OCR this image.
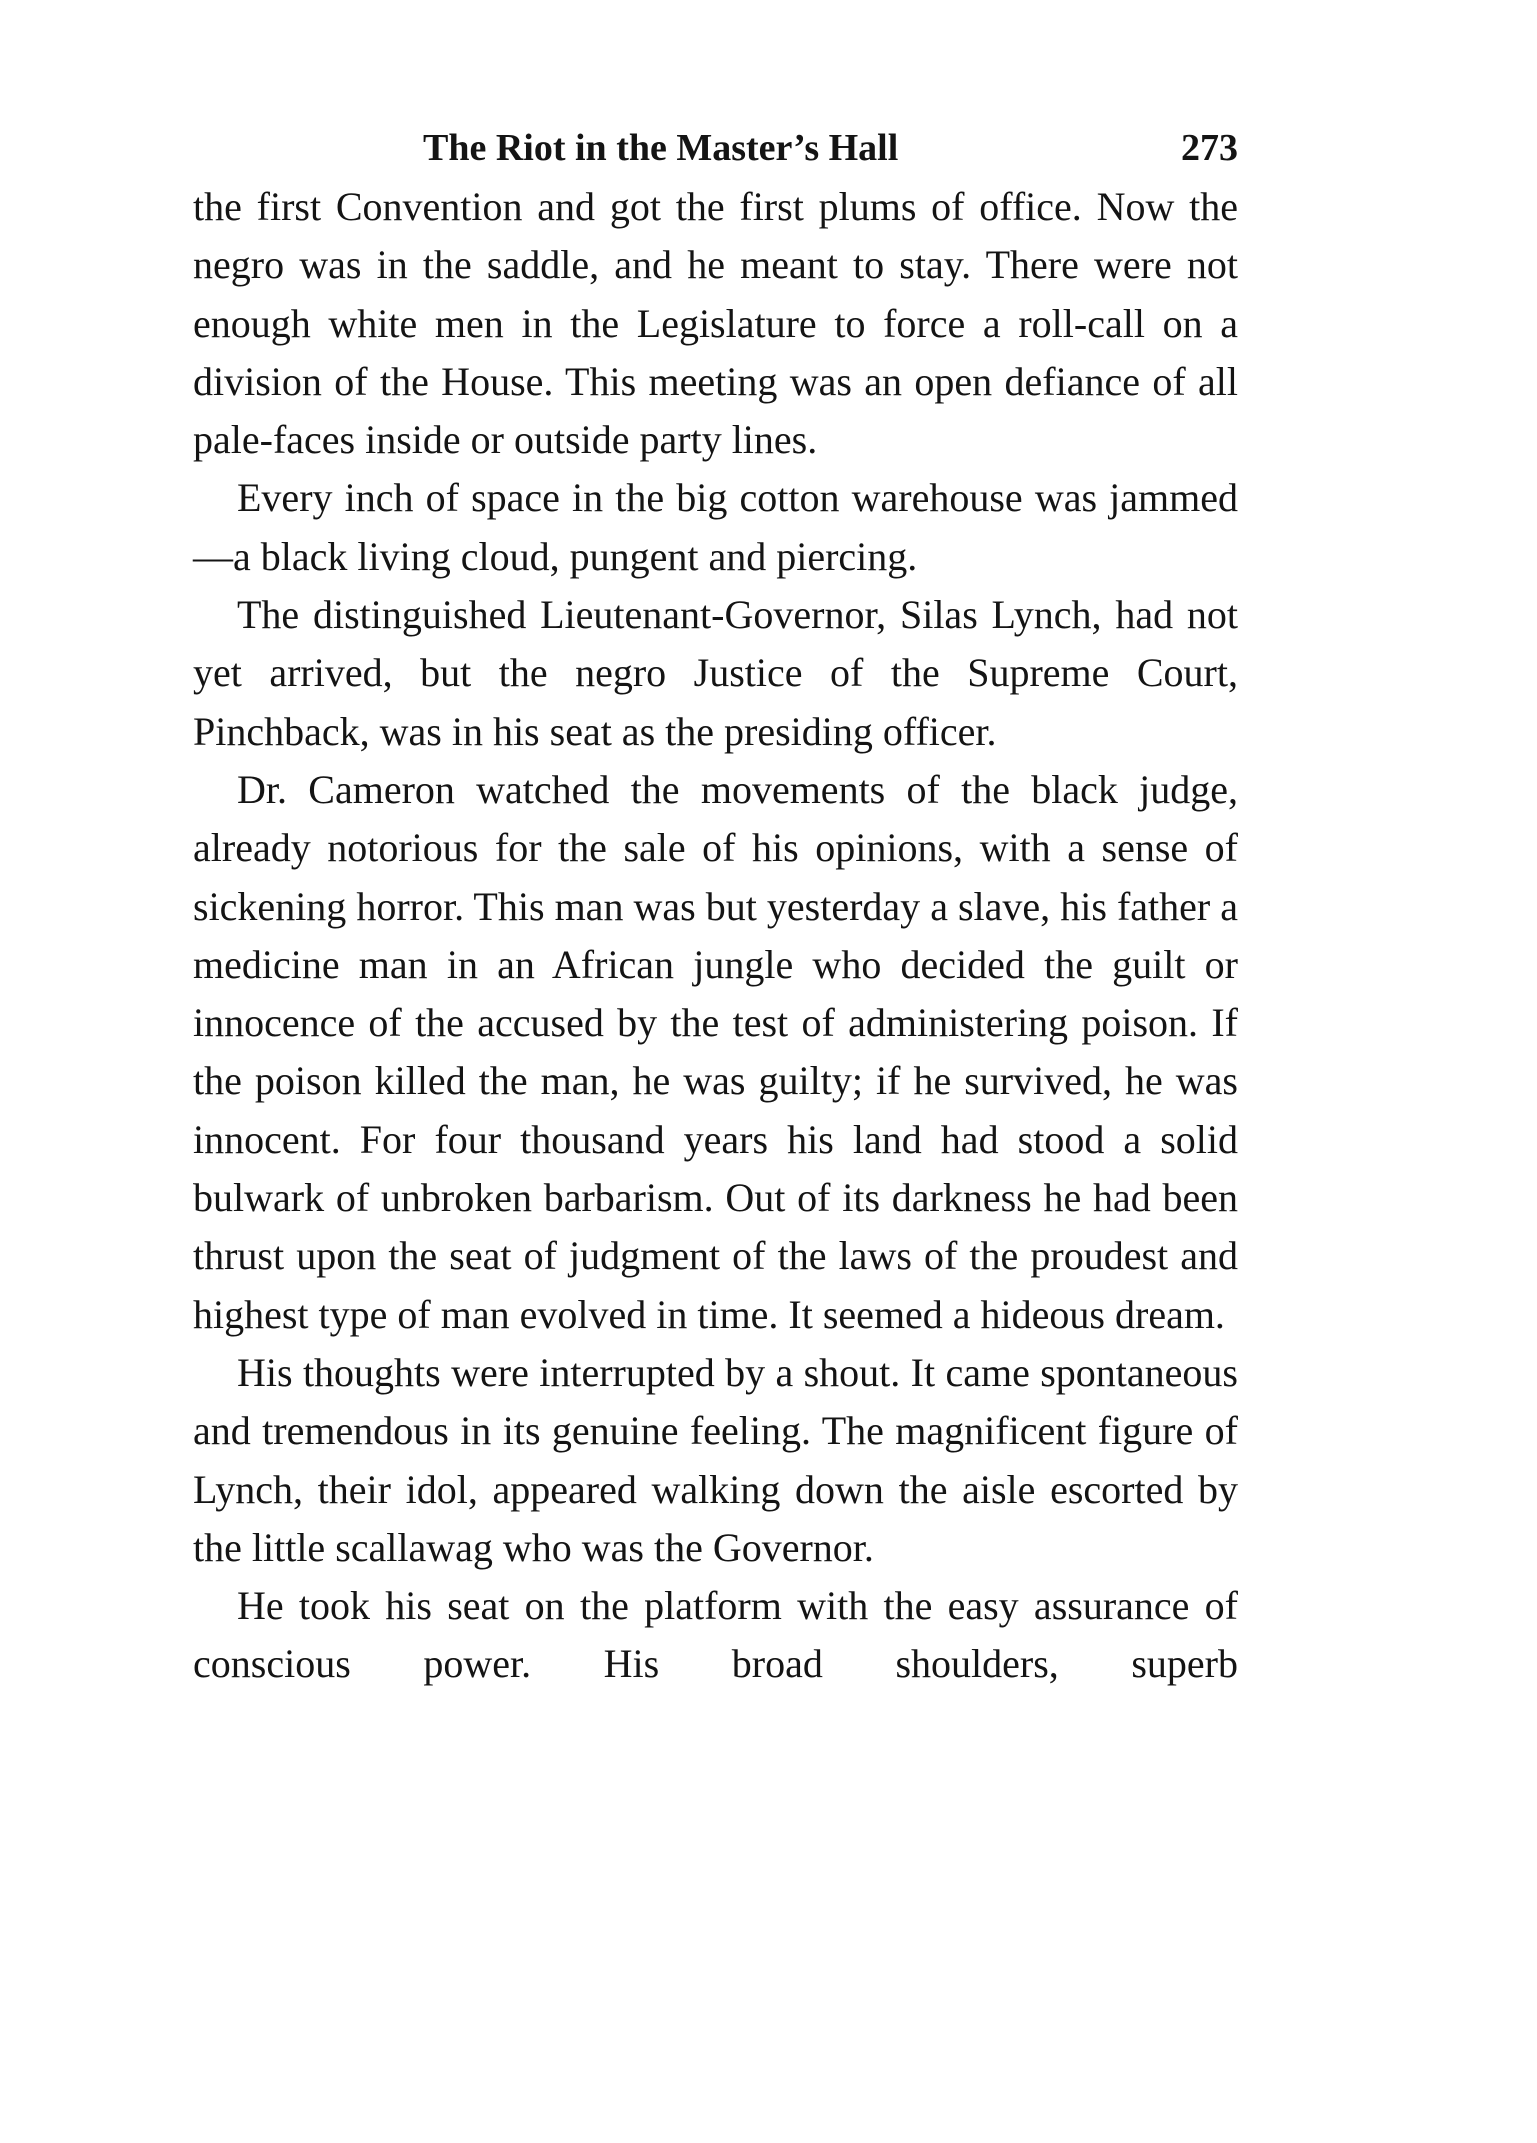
The Riot in the Master’s Hall	273

the first Convention and got the first plums of office. Now the negro was in the saddle, and he meant to stay. There were not enough white men in the Legislature to force a roll-call on a division of the House. This meeting was an open defiance of all pale-faces inside or outside party lines.

Every inch of space in the big cotton warehouse was jammed—a black living cloud, pungent and piercing.

The distinguished Lieutenant-Governor, Silas Lynch, had not yet arrived, but the negro Justice of the Supreme Court, Pinchback, was in his seat as the presiding officer.

Dr. Cameron watched the movements of the black judge, already notorious for the sale of his opinions, with a sense of sickening horror. This man was but yesterday a slave, his father a medicine man in an African jungle who decided the guilt or innocence of the accused by the test of administering poison. If the poison killed the man, he was guilty; if he survived, he was innocent. For four thousand years his land had stood a solid bulwark of unbroken barbarism. Out of its darkness he had been thrust upon the seat of judgment of the laws of the proudest and highest type of man evolved in time. It seemed a hideous dream.

His thoughts were interrupted by a shout. It came spontaneous and tremendous in its genuine feeling. The magnificent figure of Lynch, their idol, appeared walking down the aisle escorted by the little scallawag who was the Governor.

He took his seat on the platform with the easy assurance of conscious power. His broad shoulders, superb
